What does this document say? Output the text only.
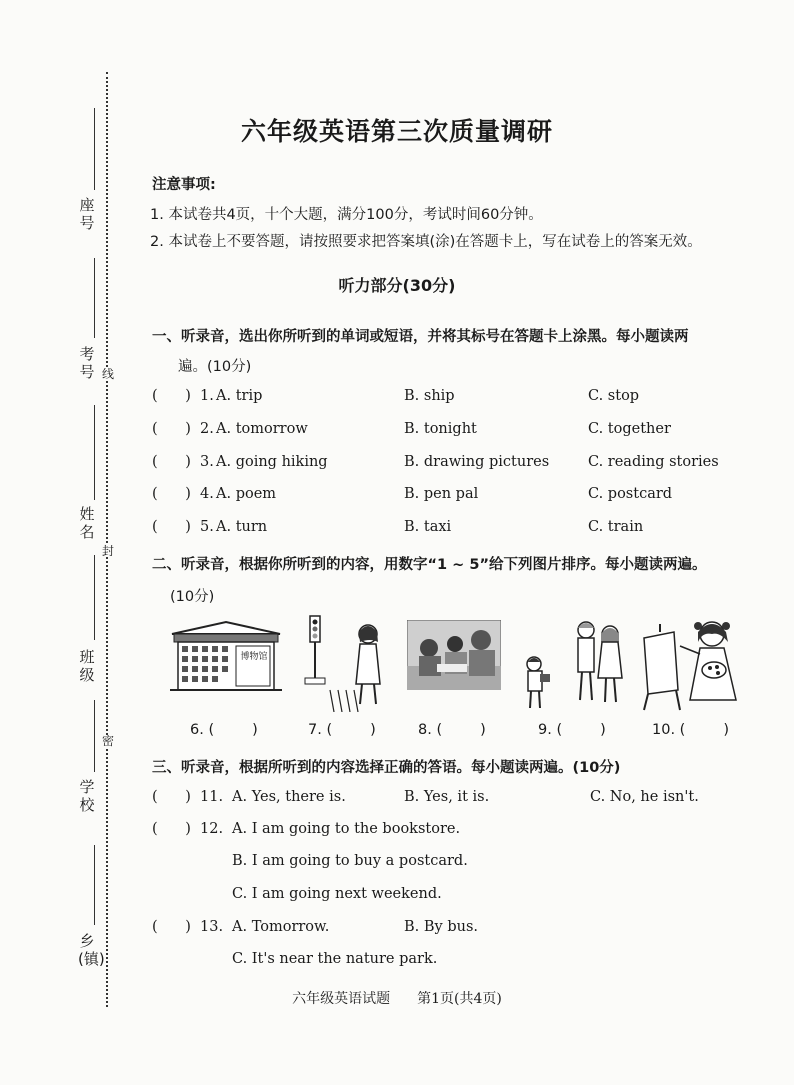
座号
考号
姓名
班级
学校
乡(镇)
线
封
密
六年级英语第三次质量调研
注意事项:
1. 本试卷共4页，十个大题，满分100分，考试时间60分钟。
2. 本试卷上不要答题，请按照要求把答案填(涂)在答题卡上，写在试卷上的答案无效。
听力部分(30分)
一、听录音，选出你所听到的单词或短语，并将其标号在答题卡上涂黑。每小题读两
遍。(10分)
(      ) 1. A. trip	B. ship	C. stop
(      ) 2. A. tomorrow	B. tonight	C. together
(      ) 3. A. going hiking	B. drawing pictures	C. reading stories
(      ) 4. A. poem	B. pen pal	C. postcard
(      ) 5. A. turn	B. taxi	C. train
二、听录音，根据你所听到的内容，用数字“1 ~ 5”给下列图片排序。每小题读两遍。
(10分)
博物馆
6. (	)	7. (	)	8. (	)	9. (	)	10. (	)
三、听录音，根据所听到的内容选择正确的答语。每小题读两遍。(10分)
(      ) 11. A. Yes, there is.	B. Yes, it is.	C. No, he isn't.
(      ) 12. A. I am going to the bookstore.
B. I am going to buy a postcard.
C. I am going next weekend.
(      ) 13. A. Tomorrow.	B. By bus.
C. It's near the nature park.
六年级英语试题 第1页(共4页)
